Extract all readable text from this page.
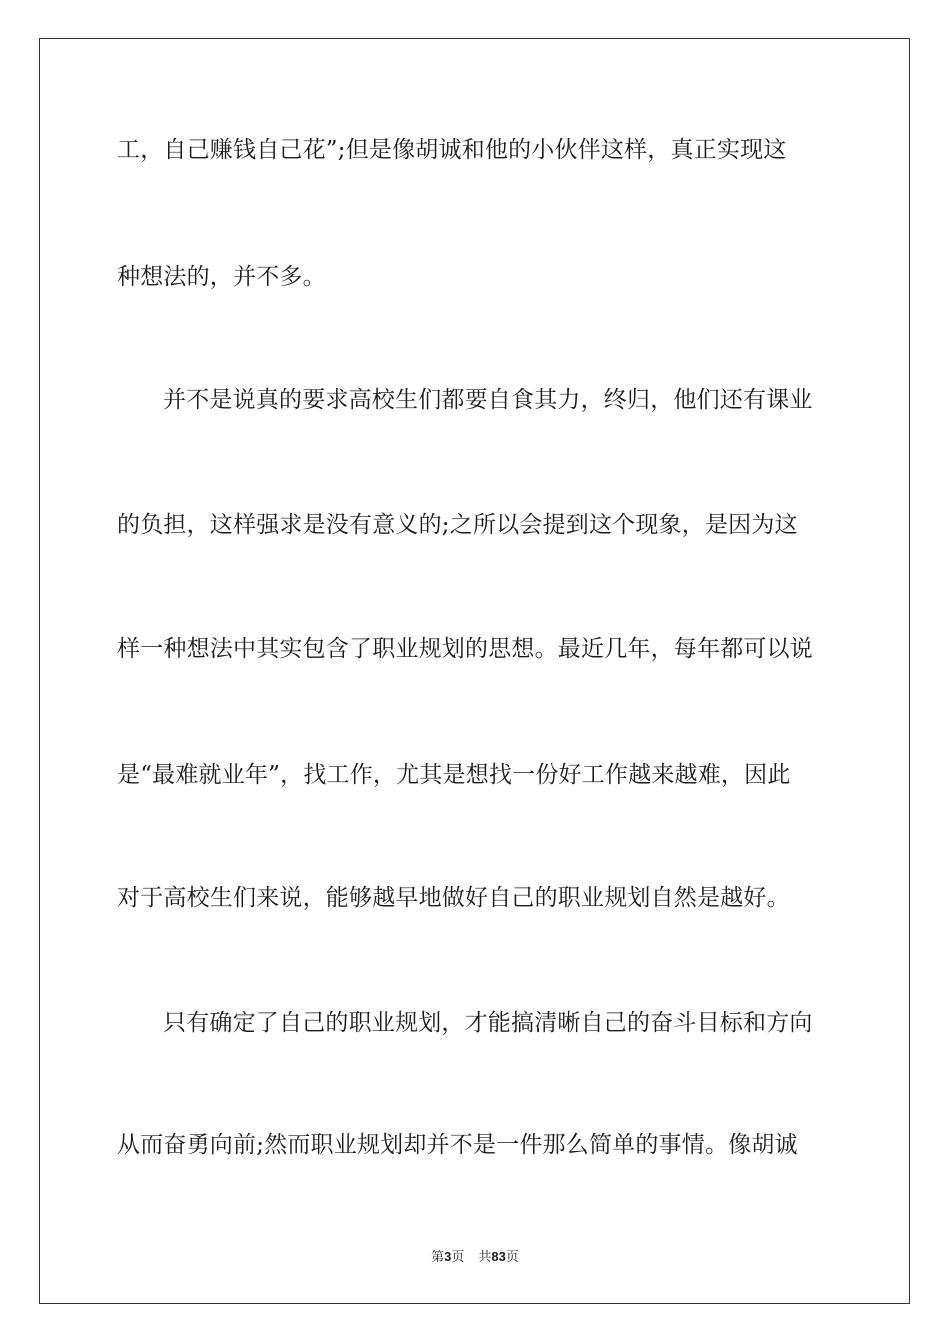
工，自己赚钱自己花”;但是像胡诚和他的小伙伴这样，真正实现这
种想法的，并不多。
并不是说真的要求高校生们都要自食其力，终归，他们还有课业
的负担，这样强求是没有意义的;之所以会提到这个现象，是因为这
样一种想法中其实包含了职业规划的思想。最近几年，每年都可以说
是“最难就业年”，找工作，尤其是想找一份好工作越来越难，因此
对于高校生们来说，能够越早地做好自己的职业规划自然是越好。
只有确定了自己的职业规划，才能搞清晰自己的奋斗目标和方向
从而奋勇向前;然而职业规划却并不是一件那么简单的事情。像胡诚
第3页 共83页
